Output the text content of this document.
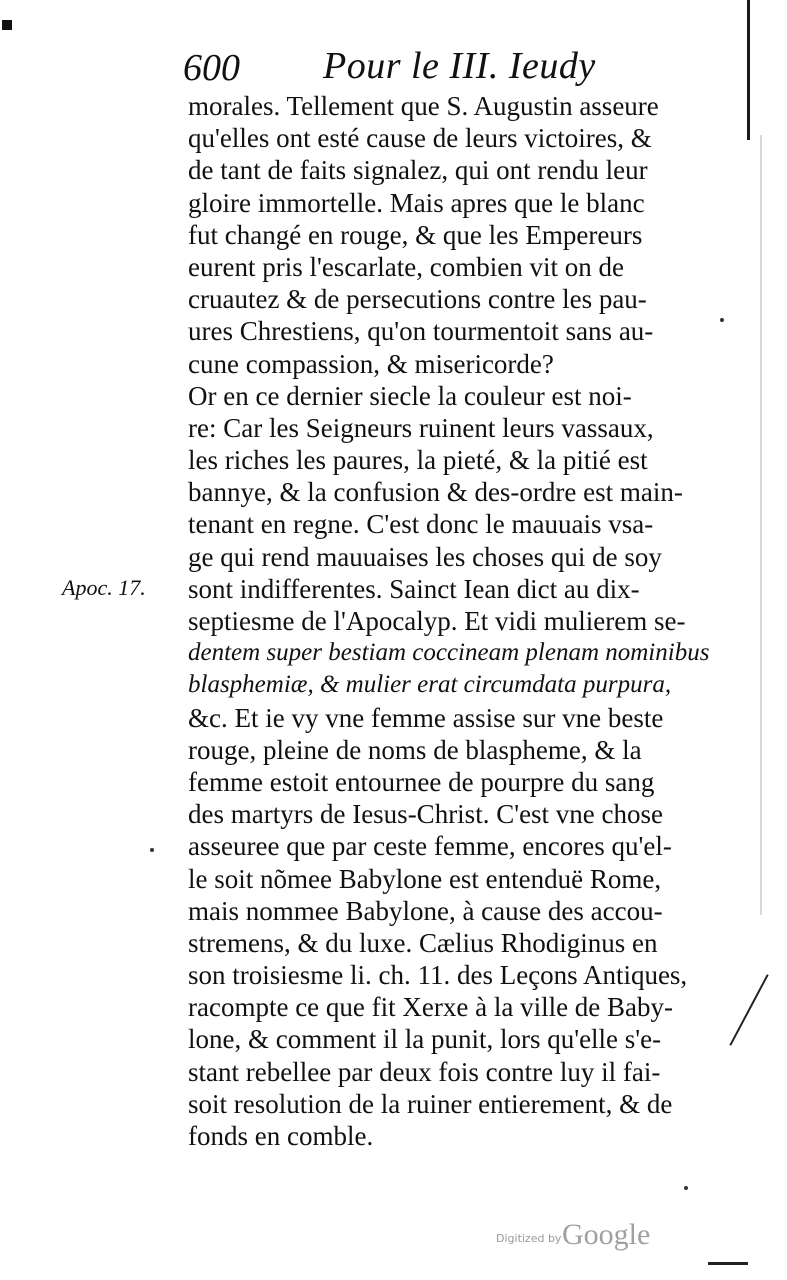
600 Pour le III. Ieudy
Apoc. 17.
morales. Tellement que S. Augustin asseure
qu'elles ont esté cause de leurs victoires, &
de tant de faits signalez, qui ont rendu leur
gloire immortelle. Mais apres que le blanc
fut changé en rouge, & que les Empereurs
eurent pris l'escarlate, combien vit on de
cruautez & de persecutions contre les pau-
ures Chrestiens, qu'on tourmentoit sans au-
cune compassion, & misericorde?
Or en ce dernier siecle la couleur est noi-
re: Car les Seigneurs ruinent leurs vassaux,
les riches les paures, la pieté, & la pitié est
bannye, & la confusion & des-ordre est main-
tenant en regne. C'est donc le mauuais vsa-
ge qui rend mauuaises les choses qui de soy
sont indifferentes. Sainct Iean dict au dix-
septiesme de l'Apocalyp. Et vidi mulierem se-
dentem super bestiam coccineam plenam nominibus
blasphemiæ, & mulier erat circumdata purpura,
&c. Et ie vy vne femme assise sur vne beste
rouge, pleine de noms de blaspheme, & la
femme estoit entournee de pourpre du sang
des martyrs de Iesus-Christ. C'est vne chose
asseuree que par ceste femme, encores qu'el-
le soit nõmee Babylone est entenduë Rome,
mais nommee Babylone, à cause des accou-
stremens, & du luxe. Cælius Rhodiginus en
son troisiesme li. ch. 11. des Leçons Antiques,
racompte ce que fit Xerxe à la ville de Baby-
lone, & comment il la punit, lors qu'elle s'e-
stant rebellee par deux fois contre luy il fai-
soit resolution de la ruiner entierement, & de
fonds en comble.
Digitized by Google
